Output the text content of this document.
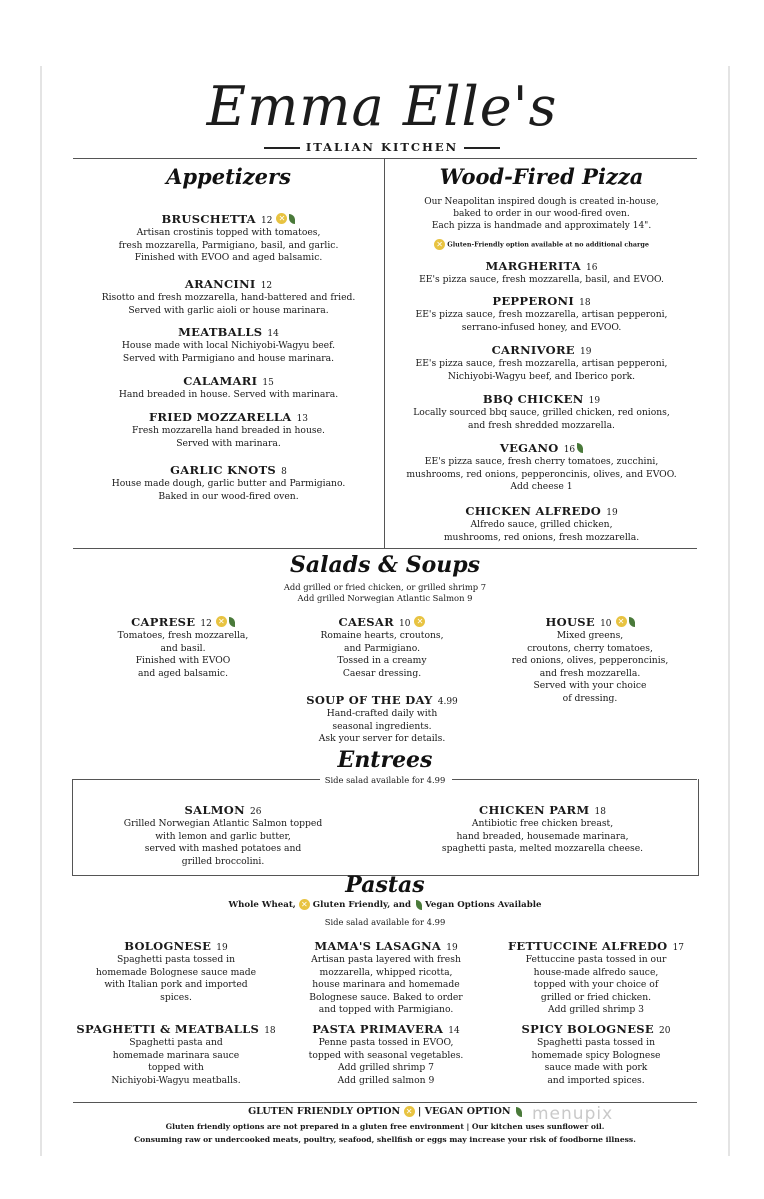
Emma Elle's
ITALIAN KITCHEN
Appetizers
BRUSCHETTA 12 ✕
Artisan crostinis topped with tomatoes,
fresh mozzarella, Parmigiano, basil, and garlic.
Finished with EVOO and aged balsamic.
ARANCINI 12
Risotto and fresh mozzarella, hand-battered and fried.
Served with garlic aioli or house marinara.
MEATBALLS 14
House made with local Nichiyobi-Wagyu beef.
Served with Parmigiano and house marinara.
CALAMARI 15
Hand breaded in house. Served with marinara.
FRIED MOZZARELLA 13
Fresh mozzarella hand breaded in house.
Served with marinara.
GARLIC KNOTS 8
House made dough, garlic butter and Parmigiano.
Baked in our wood-fired oven.
Wood-Fired Pizza
Our Neapolitan inspired dough is created in-house,
baked to order in our wood-fired oven.
Each pizza is handmade and approximately 14".
✕ Gluten-Friendly option available at no additional charge
MARGHERITA 16
EE's pizza sauce, fresh mozzarella, basil, and EVOO.
PEPPERONI 18
EE's pizza sauce, fresh mozzarella, artisan pepperoni,
serrano-infused honey, and EVOO.
CARNIVORE 19
EE's pizza sauce, fresh mozzarella, artisan pepperoni,
Nichiyobi-Wagyu beef, and Iberico pork.
BBQ CHICKEN 19
Locally sourced bbq sauce, grilled chicken, red onions,
and fresh shredded mozzarella.
VEGANO 16
EE's pizza sauce, fresh cherry tomatoes, zucchini,
mushrooms, red onions, pepperoncinis, olives, and EVOO.
Add cheese 1
CHICKEN ALFREDO 19
Alfredo sauce, grilled chicken,
mushrooms, red onions, fresh mozzarella.
Salads & Soups
Add grilled or fried chicken, or grilled shrimp 7
Add grilled Norwegian Atlantic Salmon 9
CAPRESE 12 ✕
Tomatoes, fresh mozzarella,
and basil.
Finished with EVOO
and aged balsamic.
CAESAR 10 ✕
Romaine hearts, croutons,
and Parmigiano.
Tossed in a creamy
Caesar dressing.
HOUSE 10 ✕
Mixed greens,
croutons, cherry tomatoes,
red onions, olives, pepperoncinis,
and fresh mozzarella.
Served with your choice
of dressing.
SOUP OF THE DAY 4.99
Hand-crafted daily with
seasonal ingredients.
Ask your server for details.
Entrees
Side salad available for 4.99
SALMON 26
Grilled Norwegian Atlantic Salmon topped
with lemon and garlic butter,
served with mashed potatoes and
grilled broccolini.
CHICKEN PARM 18
Antibiotic free chicken breast,
hand breaded, housemade marinara,
spaghetti pasta, melted mozzarella cheese.
Pastas
Whole Wheat, ✕ Gluten Friendly, and Vegan Options Available
Side salad available for 4.99
BOLOGNESE 19
Spaghetti pasta tossed in
homemade Bolognese sauce made
with Italian pork and imported
spices.
MAMA'S LASAGNA 19
Artisan pasta layered with fresh
mozzarella, whipped ricotta,
house marinara and homemade
Bolognese sauce. Baked to order
and topped with Parmigiano.
FETTUCCINE ALFREDO 17
Fettuccine pasta tossed in our
house-made alfredo sauce,
topped with your choice of
grilled or fried chicken.
Add grilled shrimp 3
SPAGHETTI & MEATBALLS 18
Spaghetti pasta and
homemade marinara sauce
topped with
Nichiyobi-Wagyu meatballs.
PASTA PRIMAVERA 14
Penne pasta tossed in EVOO,
topped with seasonal vegetables.
Add grilled shrimp 7
Add grilled salmon 9
SPICY BOLOGNESE 20
Spaghetti pasta tossed in
homemade spicy Bolognese
sauce made with pork
and imported spices.
GLUTEN FRIENDLY OPTION ✕ | VEGAN OPTION
Gluten friendly options are not prepared in a gluten free environment | Our kitchen uses sunflower oil.
Consuming raw or undercooked meats, poultry, seafood, shellfish or eggs may increase your risk of foodborne illness.
menupix
